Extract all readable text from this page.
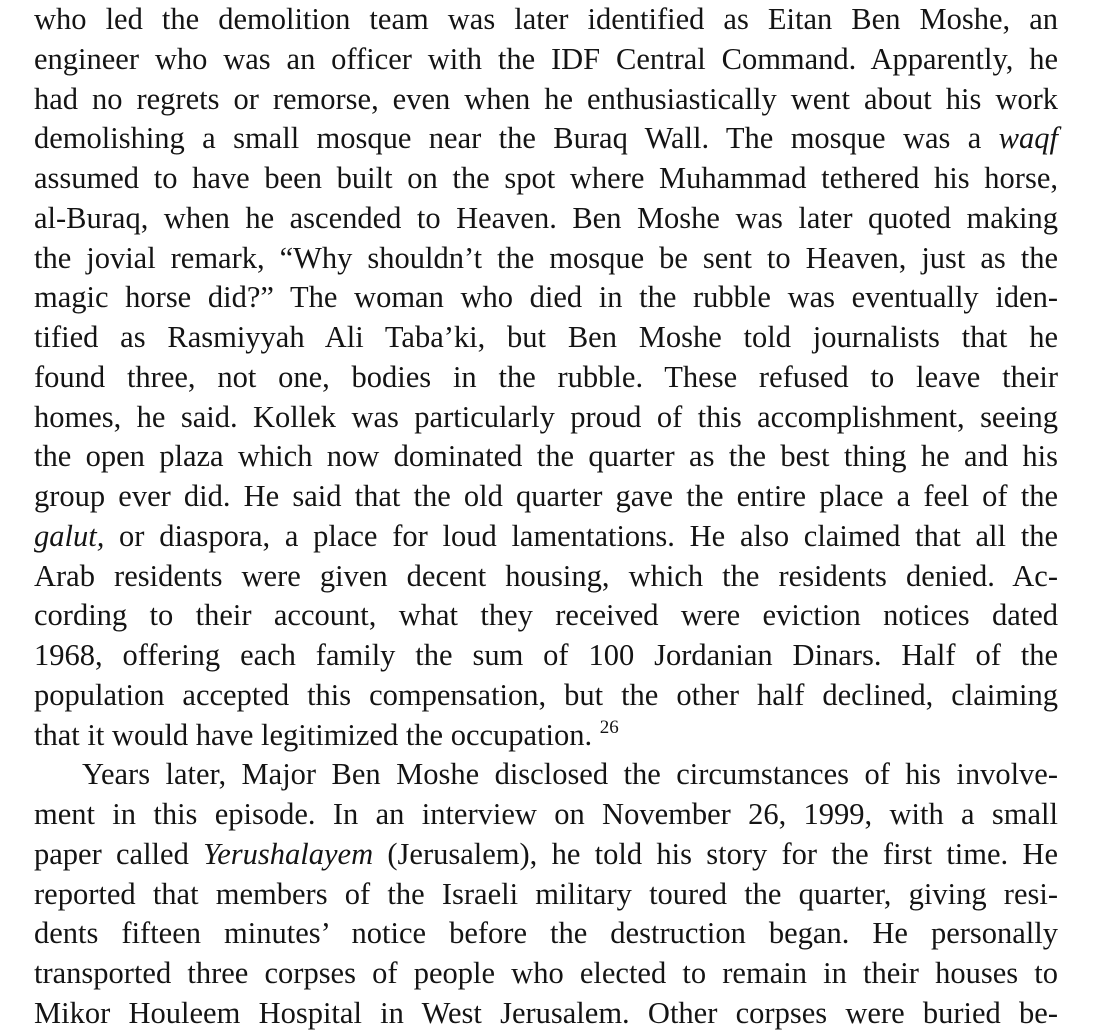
who led the demolition team was later identified as Eitan Ben Moshe, an
engineer who was an officer with the IDF Central Command. Apparently, he
had no regrets or remorse, even when he enthusiastically went about his work
demolishing a small mosque near the Buraq Wall. The mosque was a waqf
assumed to have been built on the spot where Muhammad tethered his horse,
al-Buraq, when he ascended to Heaven. Ben Moshe was later quoted making
the jovial remark, “Why shouldn’t the mosque be sent to Heaven, just as the
magic horse did?” The woman who died in the rubble was eventually iden-
tified as Rasmiyyah Ali Taba’ki, but Ben Moshe told journalists that he
found three, not one, bodies in the rubble. These refused to leave their
homes, he said. Kollek was particularly proud of this accomplishment, seeing
the open plaza which now dominated the quarter as the best thing he and his
group ever did. He said that the old quarter gave the entire place a feel of the
galut, or diaspora, a place for loud lamentations. He also claimed that all the
Arab residents were given decent housing, which the residents denied. Ac-
cording to their account, what they received were eviction notices dated
1968, offering each family the sum of 100 Jordanian Dinars. Half of the
population accepted this compensation, but the other half declined, claiming
that it would have legitimized the occupation. $^{26}$
Years later, Major Ben Moshe disclosed the circumstances of his involve-
ment in this episode. In an interview on November 26, 1999, with a small
paper called Yerushalayem (Jerusalem), he told his story for the first time. He
reported that members of the Israeli military toured the quarter, giving resi-
dents fifteen minutes’ notice before the destruction began. He personally
transported three corpses of people who elected to remain in their houses to
Mikor Houleem Hospital in West Jerusalem. Other corpses were buried be-
